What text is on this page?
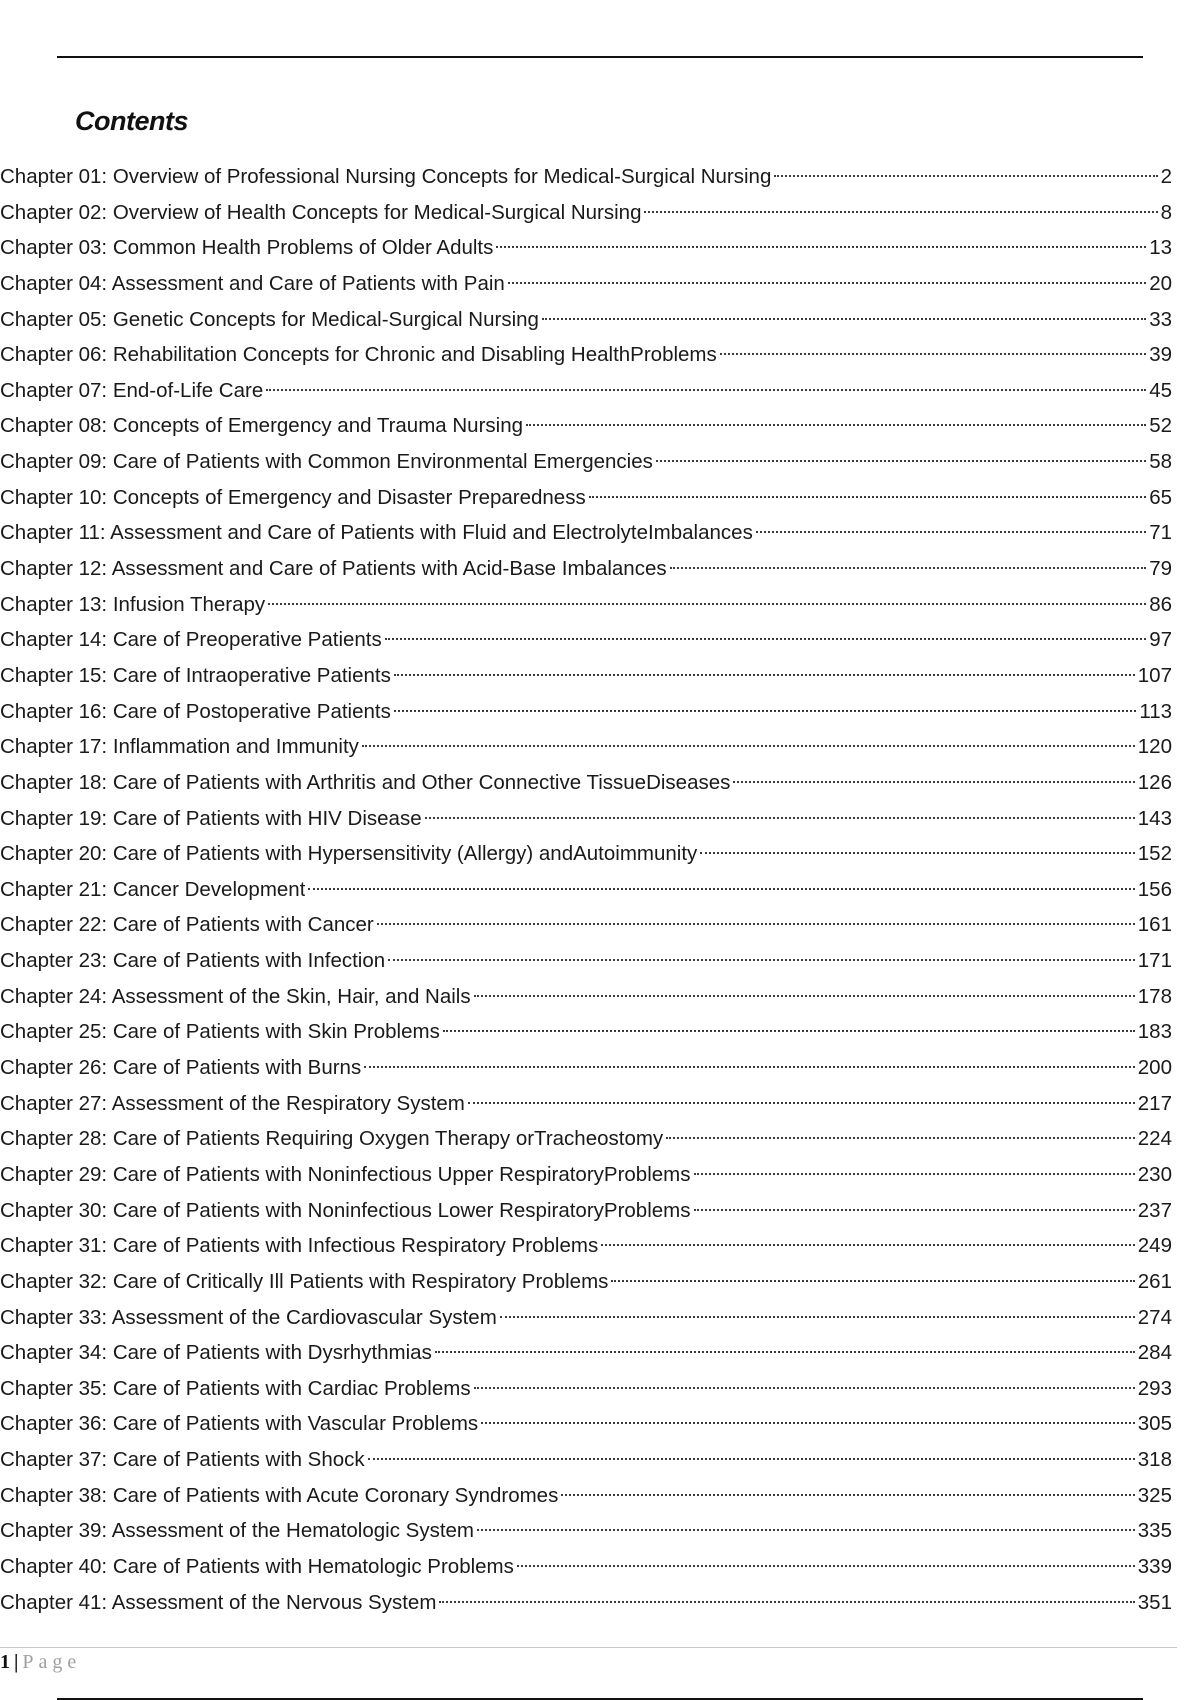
Contents
Chapter 01: Overview of Professional Nursing Concepts for Medical-Surgical Nursing	2
Chapter 02: Overview of Health Concepts for Medical-Surgical Nursing	8
Chapter 03: Common Health Problems of Older Adults	13
Chapter 04: Assessment and Care of Patients with Pain	20
Chapter 05: Genetic Concepts for Medical-Surgical Nursing	33
Chapter 06: Rehabilitation Concepts for Chronic and Disabling HealthProblems	39
Chapter 07: End-of-Life Care	45
Chapter 08: Concepts of Emergency and Trauma Nursing	52
Chapter 09: Care of Patients with Common Environmental Emergencies	58
Chapter 10: Concepts of Emergency and Disaster Preparedness	65
Chapter 11: Assessment and Care of Patients with Fluid and ElectrolyteImbalances	71
Chapter 12: Assessment and Care of Patients with Acid-Base Imbalances	79
Chapter 13: Infusion Therapy	86
Chapter 14: Care of Preoperative Patients	97
Chapter 15: Care of Intraoperative Patients	107
Chapter 16: Care of Postoperative Patients	113
Chapter 17: Inflammation and Immunity	120
Chapter 18: Care of Patients with Arthritis and Other Connective TissueDiseases	126
Chapter 19: Care of Patients with HIV Disease	143
Chapter 20: Care of Patients with Hypersensitivity (Allergy) andAutoimmunity	152
Chapter 21: Cancer Development	156
Chapter 22: Care of Patients with Cancer	161
Chapter 23: Care of Patients with Infection	171
Chapter 24: Assessment of the Skin, Hair, and Nails	178
Chapter 25: Care of Patients with Skin Problems	183
Chapter 26: Care of Patients with Burns	200
Chapter 27: Assessment of the Respiratory System	217
Chapter 28: Care of Patients Requiring Oxygen Therapy orTracheostomy	224
Chapter 29: Care of Patients with Noninfectious Upper RespiratoryProblems	230
Chapter 30: Care of Patients with Noninfectious Lower RespiratoryProblems	237
Chapter 31: Care of Patients with Infectious Respiratory Problems	249
Chapter 32: Care of Critically Ill Patients with Respiratory Problems	261
Chapter 33: Assessment of the Cardiovascular System	274
Chapter 34: Care of Patients with Dysrhythmias	284
Chapter 35: Care of Patients with Cardiac Problems	293
Chapter 36: Care of Patients with Vascular Problems	305
Chapter 37: Care of Patients with Shock	318
Chapter 38: Care of Patients with Acute Coronary Syndromes	325
Chapter 39: Assessment of the Hematologic System	335
Chapter 40: Care of Patients with Hematologic Problems	339
Chapter 41: Assessment of the Nervous System	351
1 | Page
